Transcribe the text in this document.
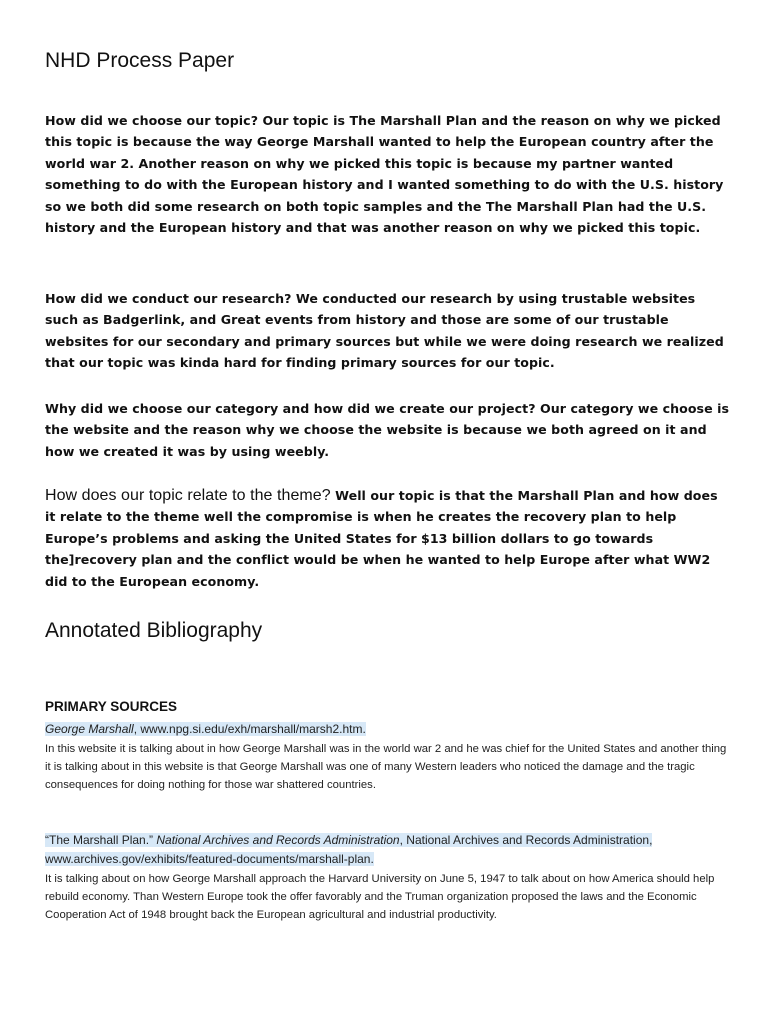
NHD Process Paper

How did we choose our topic? Our topic is The Marshall Plan and the reason on why we picked this topic is because the way George Marshall wanted to help the European country after the world war 2. Another reason on why we picked this topic is because my partner wanted something to do with the European history and I wanted something to do with the U.S. history so we both did some research on both topic samples and the The Marshall Plan had the U.S. history and the European history and that was another reason on why we picked this topic.

How did we conduct our research? We conducted our research by using trustable websites such as Badgerlink, and Great events from history and those are some of our trustable websites for our secondary and primary sources but while we were doing research we realized that our topic was kinda hard for finding primary sources for our topic.

Why did we choose our category and how did we create our project? Our category we choose is the website and the reason why we choose the website is because we both agreed on it and how we created it was by using weebly.

How does our topic relate to the theme? Well our topic is that the Marshall Plan and how does it relate to the theme well the compromise is when he creates the recovery plan to help Europe’s problems and asking the United States for $13 billion dollars to go towards the]recovery plan and the conflict would be when he wanted to help Europe after what WW2 did to the European economy.

Annotated Bibliography
PRIMARY SOURCES

George Marshall, www.npg.si.edu/exh/marshall/marsh2.htm.

In this website it is talking about in how George Marshall was in the world war 2 and he was chief for the United States and another thing it is talking about in this website is that George Marshall was one of many Western leaders who noticed the damage and the tragic consequences for doing nothing for those war shattered countries.

“The Marshall Plan.” National Archives and Records Administration, National Archives and Records Administration,
www.archives.gov/exhibits/featured-documents/marshall-plan.

It is talking about on how George Marshall approach the Harvard University on June 5, 1947 to talk about on how America should help rebuild economy. Than Western Europe took the offer favorably and the Truman organization proposed the laws and the Economic Cooperation Act of 1948 brought back the European agricultural and industrial productivity.
